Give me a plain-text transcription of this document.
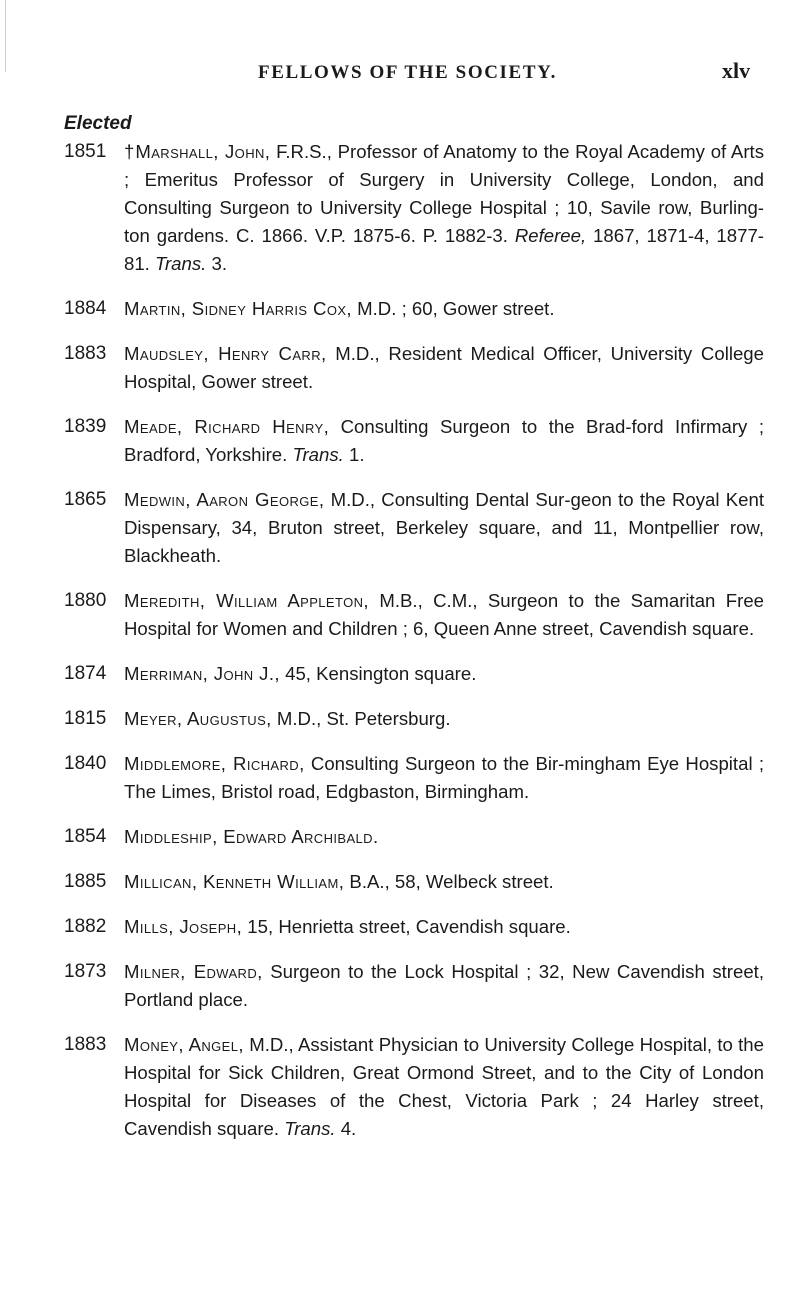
FELLOWS OF THE SOCIETY.	xlv
Elected
1851 †Marshall, John, F.R.S., Professor of Anatomy to the Royal Academy of Arts ; Emeritus Professor of Surgery in University College, London, and Consulting Surgeon to University College Hospital ; 10, Savile row, Burling-ton gardens. C. 1866. V.P. 1875-6. P. 1882-3. Referee, 1867, 1871-4, 1877-81. Trans. 3.
1884 Martin, Sidney Harris Cox, M.D. ; 60, Gower street.
1883 Maudsley, Henry Carr, M.D., Resident Medical Officer, University College Hospital, Gower street.
1839 Meade, Richard Henry, Consulting Surgeon to the Brad-ford Infirmary ; Bradford, Yorkshire. Trans. 1.
1865 Medwin, Aaron George, M.D., Consulting Dental Sur-geon to the Royal Kent Dispensary, 34, Bruton street, Berkeley square, and 11, Montpellier row, Blackheath.
1880 Meredith, William Appleton, M.B., C.M., Surgeon to the Samaritan Free Hospital for Women and Children ; 6, Queen Anne street, Cavendish square.
1874 Merriman, John J., 45, Kensington square.
1815 Meyer, Augustus, M.D., St. Petersburg.
1840 Middlemore, Richard, Consulting Surgeon to the Bir-mingham Eye Hospital ; The Limes, Bristol road, Edgbaston, Birmingham.
1854 Middleship, Edward Archibald.
1885 Millican, Kenneth William, B.A., 58, Welbeck street.
1882 Mills, Joseph, 15, Henrietta street, Cavendish square.
1873 Milner, Edward, Surgeon to the Lock Hospital ; 32, New Cavendish street, Portland place.
1883 Money, Angel, M.D., Assistant Physician to University College Hospital, to the Hospital for Sick Children, Great Ormond Street, and to the City of London Hospital for Diseases of the Chest, Victoria Park ; 24 Harley street, Cavendish square. Trans. 4.
